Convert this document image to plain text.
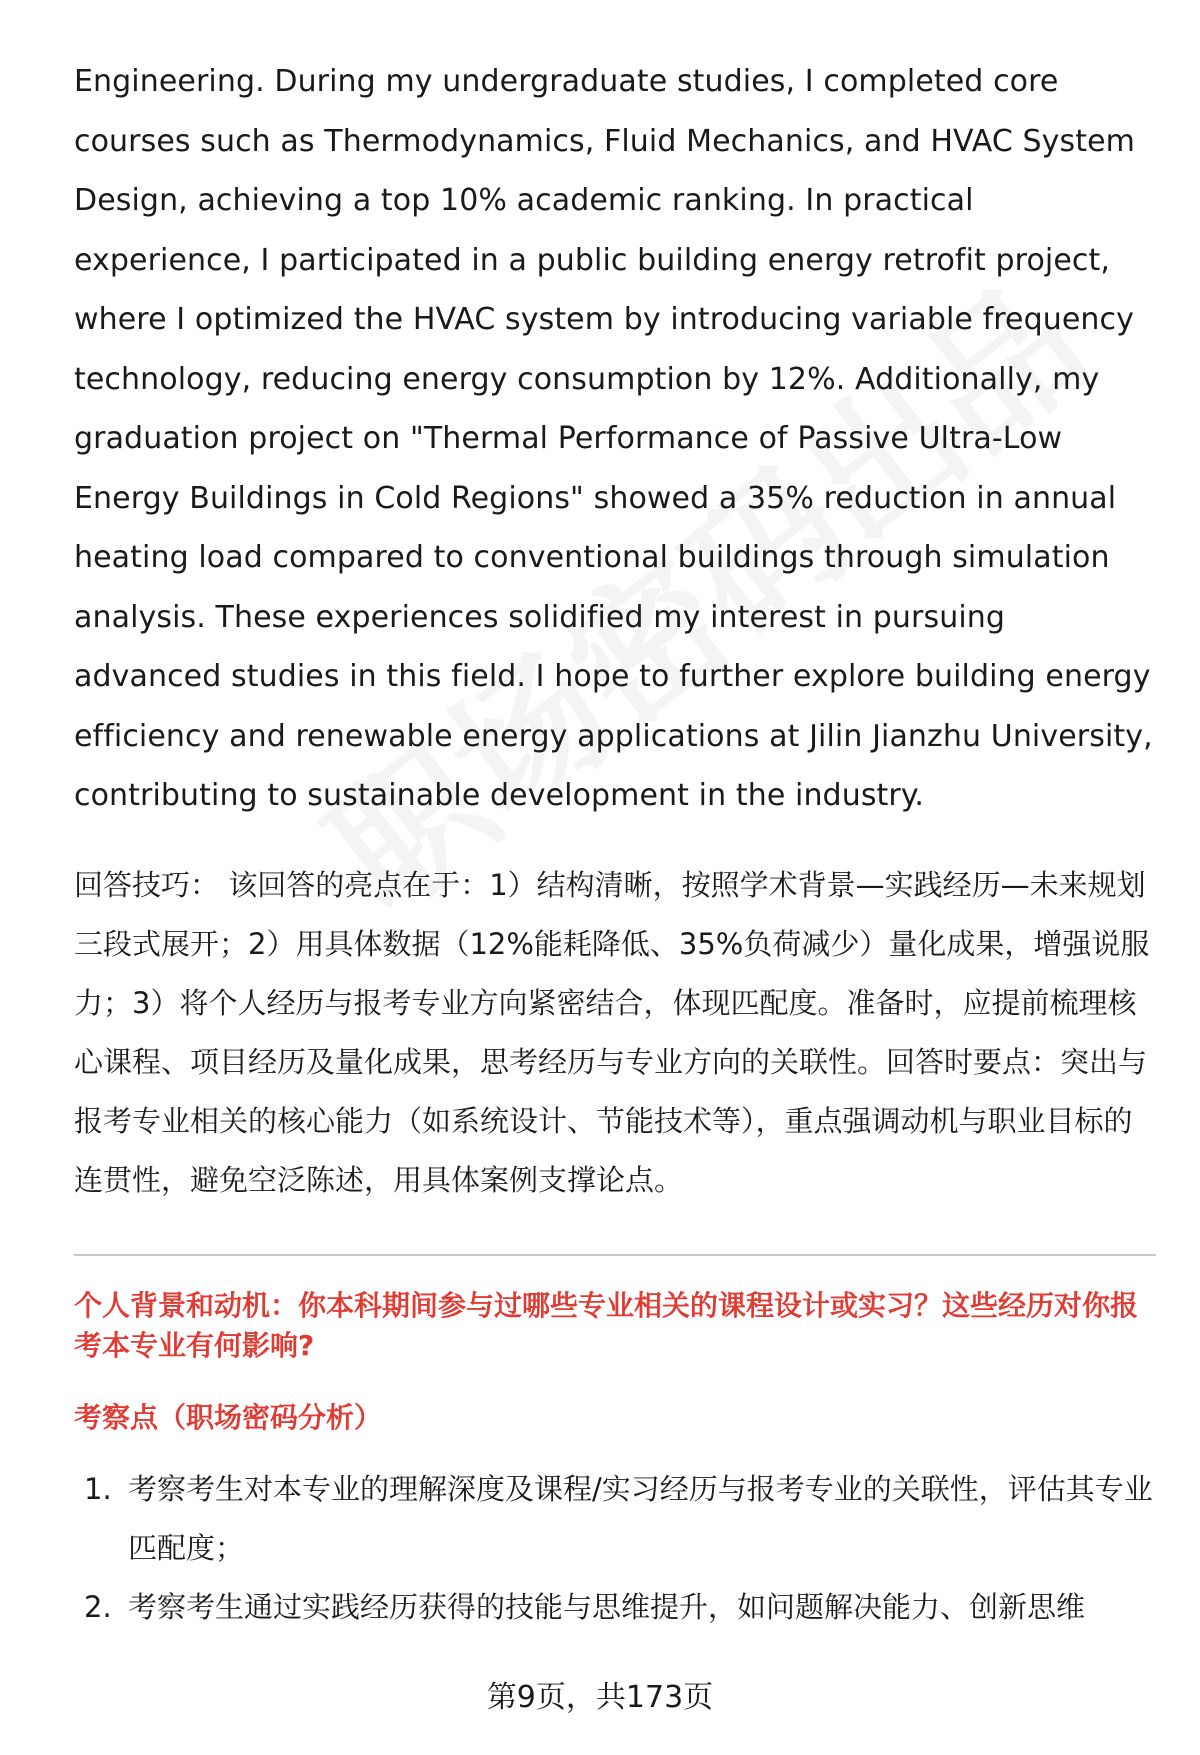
Engineering. During my undergraduate studies, I completed core courses such as Thermodynamics, Fluid Mechanics, and HVAC System Design, achieving a top 10% academic ranking. In practical experience, I participated in a public building energy retrofit project, where I optimized the HVAC system by introducing variable frequency technology, reducing energy consumption by 12%. Additionally, my graduation project on "Thermal Performance of Passive Ultra-Low Energy Buildings in Cold Regions" showed a 35% reduction in annual heating load compared to conventional buildings through simulation analysis. These experiences solidified my interest in pursuing advanced studies in this field. I hope to further explore building energy efficiency and renewable energy applications at Jilin Jianzhu University, contributing to sustainable development in the industry.

回答技巧： 该回答的亮点在于：1）结构清晰，按照学术背景—实践经历—未来规划三段式展开；2）用具体数据（12%能耗降低、35%负荷减少）量化成果，增强说服力；3）将个人经历与报考专业方向紧密结合，体现匹配度。准备时，应提前梳理核心课程、项目经历及量化成果，思考经历与专业方向的关联性。回答时要点：突出与报考专业相关的核心能力（如系统设计、节能技术等），重点强调动机与职业目标的连贯性，避免空泛陈述，用具体案例支撑论点。

个人背景和动机：你本科期间参与过哪些专业相关的课程设计或实习？这些经历对你报考本专业有何影响?
考察点（职场密码分析）
1. 考察考生对本专业的理解深度及课程/实习经历与报考专业的关联性，评估其专业匹配度；
2. 考察考生通过实践经历获得的技能与思维提升，如问题解决能力、创新思维
第9页，共173页
